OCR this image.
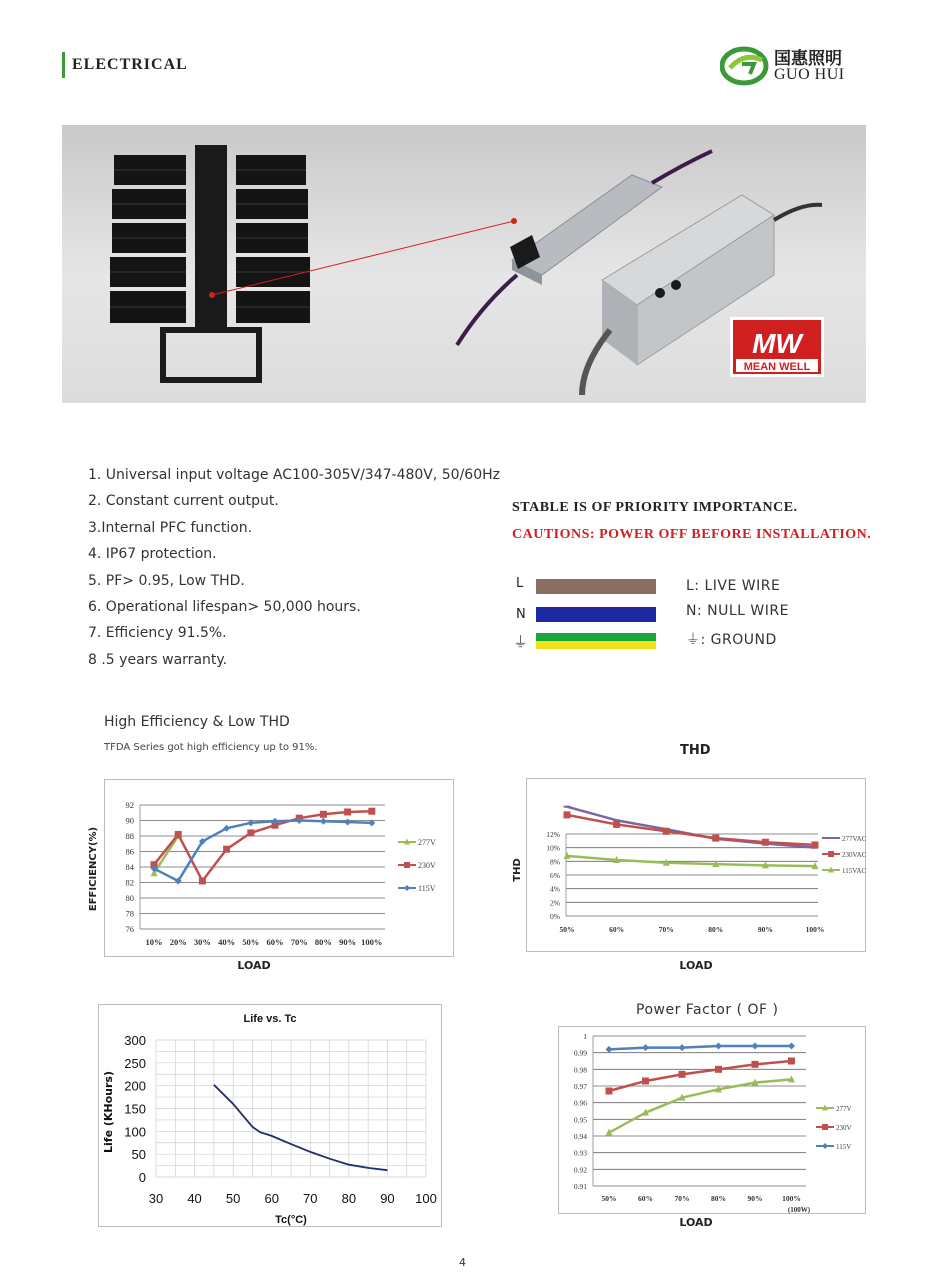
ELECTRICAL	国惠照明
GUO HUI
MW
MEAN WELL
1. Universal input voltage AC100-305V/347-480V, 50/60Hz
2. Constant current output.
3.Internal PFC function.
4. IP67 protection.
5. PF> 0.95, Low THD.
6. Operational lifespan> 50,000 hours.
7. Efficiency 91.5%.
8 .5 years warranty.
STABLE IS OF PRIORITY IMPORTANCE.
CAUTIONS: POWER OFF BEFORE INSTALLATION.
L	L: LIVE WIRE
N	N: NULL WIRE
⏚	⏚: GROUND
High Efficiency & Low THD
TFDA Series got high efficiency up to 91%.	THD
Power Factor ( OF )
76
78
80
82
84
86
88
90
92
10% 20% 30% 40% 50% 60% 70% 80% 90% 100%
277V
230V
115V
LOAD
EFFICIENCY(%)
0%
2%
4%
6%
8%
10%
12%
50%	60%	70%	80%	90%	100%
277VAC
230VAC
115VAC
LOAD
THD
Life vs. Tc
0
50
100
150
200
250
300
30 40 50 60 70 80 90 100
Tc(°C)
Life (KHours)
0.91
0.92
0.93
0.94
0.95
0.96
0.97
0.98
0.99
1
50%	60%	70%	80%	90%	100%
277V
230V
115V
LOAD
(100W)
4
